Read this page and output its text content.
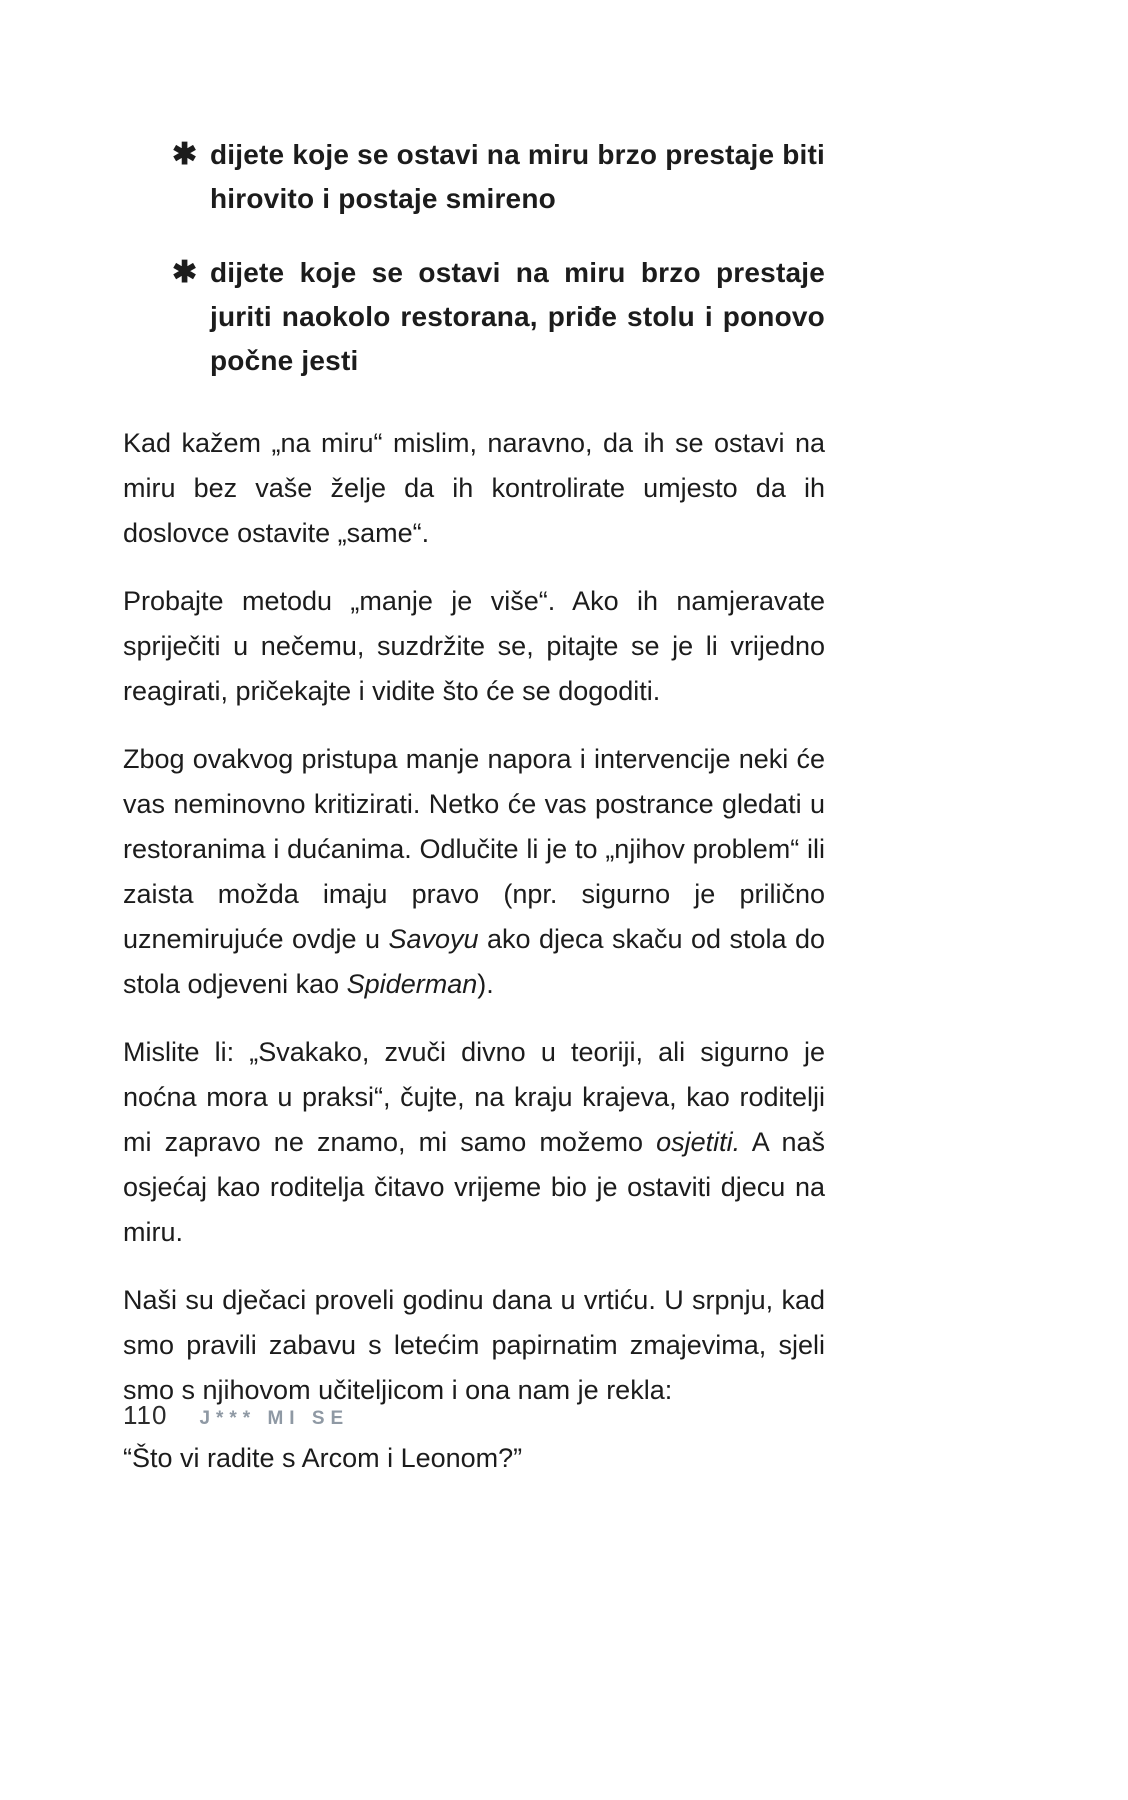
✱ dijete koje se ostavi na miru brzo prestaje biti hirovito i postaje smireno

✱ dijete koje se ostavi na miru brzo prestaje juriti naokolo restorana, priđe stolu i ponovo počne jesti

Kad kažem „na miru“ mislim, naravno, da ih se ostavi na miru bez vaše želje da ih kontrolirate umjesto da ih doslovce ostavite „same“.

Probajte metodu „manje je više“. Ako ih namjeravate spriječiti u nečemu, suzdržite se, pitajte se je li vrijedno reagirati, pričekajte i vidite što će se dogoditi.

Zbog ovakvog pristupa manje napora i intervencije neki će vas neminovno kritizirati. Netko će vas postrance gledati u restoranima i dućanima. Odlučite li je to „njihov problem“ ili zaista možda imaju pravo (npr. sigurno je prilično uznemirujuće ovdje u Savoyu ako djeca skaču od stola do stola odjeveni kao Spiderman).

Mislite li: „Svakako, zvuči divno u teoriji, ali sigurno je noćna mora u praksi“, čujte, na kraju krajeva, kao roditelji mi zapravo ne znamo, mi samo možemo osjetiti. A naš osjećaj kao roditelja čitavo vrijeme bio je ostaviti djecu na miru.

Naši su dječaci proveli godinu dana u vrtiću. U srpnju, kad smo pravili zabavu s letećim papirnatim zmajevima, sjeli smo s njihovom učiteljicom i ona nam je rekla:

“Što vi radite s Arcom i Leonom?”

110 J*** MI SE
